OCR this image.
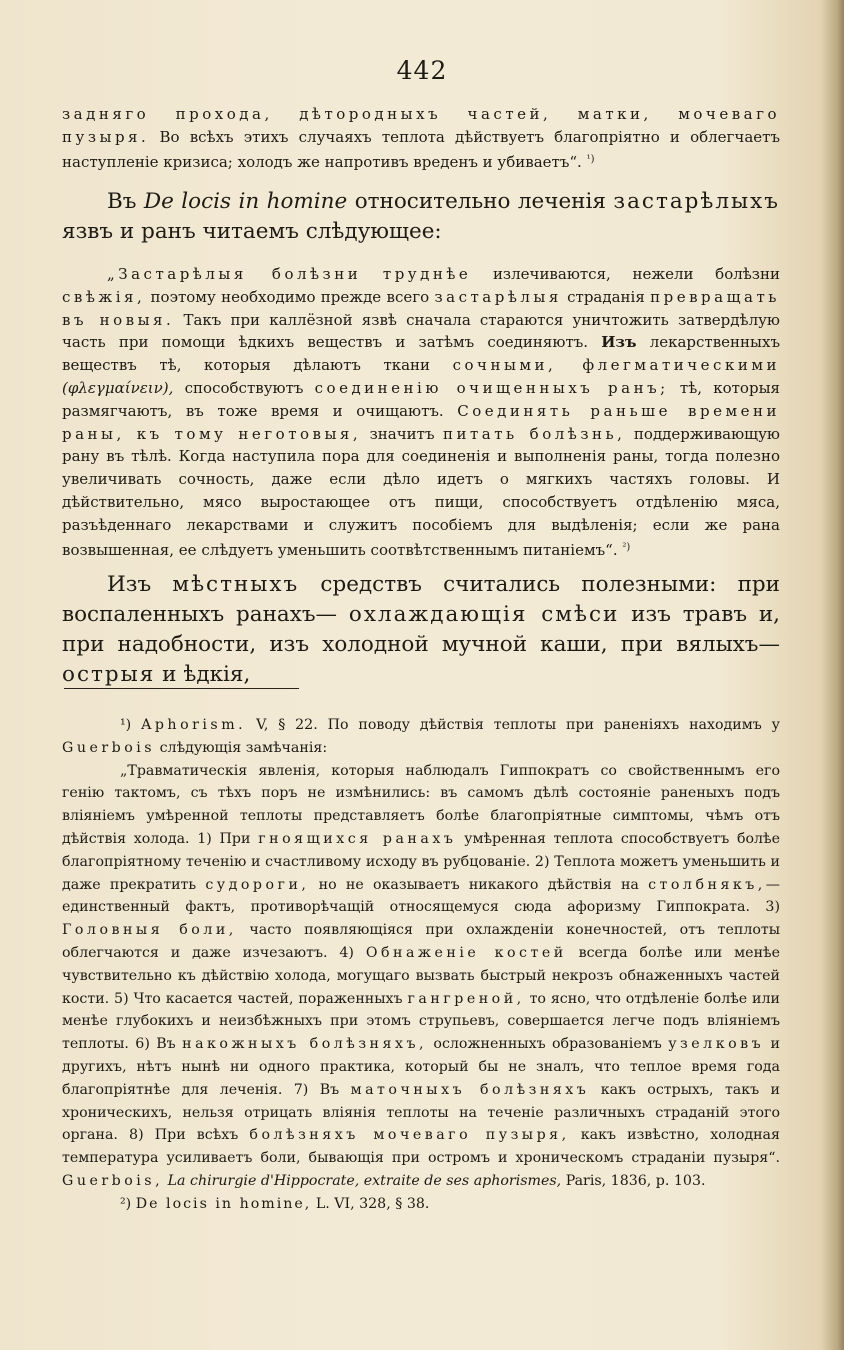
442

задняго прохода, дѣтородныхъ частей, матки, мочеваго пузыря. Во всѣхъ этихъ случаяхъ теплота дѣйствуетъ благопріятно и облегчаетъ наступленіе кризиса; холодъ же напротивъ вреденъ и убиваетъ“. $^{^1)}$

Въ De locis in homine относительно леченія застарѣлыхъ язвъ и ранъ читаемъ слѣдующее:

„Застарѣлыя болѣзни труднѣе излечиваются, нежели болѣзни свѣжія, поэтому необходимо прежде всего застарѣлыя страданія превращать въ новыя. Такъ при каллёзной язвѣ сначала стараются уничтожить затвердѣлую часть при помощи ѣдкихъ веществъ и затѣмъ соединяютъ. Изъ лекарственныхъ веществъ тѣ, которыя дѣлаютъ ткани сочными, флегматическими (φλεγμαίνειν), способствуютъ соединенію очищенныхъ ранъ; тѣ, которыя размягчаютъ, въ тоже время и очищаютъ. Соединять раньше времени раны, къ тому неготовыя, значитъ питать болѣзнь, поддерживающую рану въ тѣлѣ. Когда наступила пора для соединенія и выполненія раны, тогда полезно увеличивать сочность, даже если дѣло идетъ о мягкихъ частяхъ головы. И дѣйствительно, мясо выростающее отъ пищи, способствуетъ отдѣленію мяса, разъѣденнаго лекарствами и служитъ пособіемъ для выдѣленія; если же рана возвышенная, ее слѣдуетъ уменьшить соотвѣтственнымъ питаніемъ“. $^{^2)}$

Изъ мѣстныхъ средствъ считались полезными: при воспаленныхъ ранахъ— охлаждающія смѣси изъ травъ и, при надобности, изъ холодной мучной каши, при вялыхъ—острыя и ѣдкія,

¹) Aphorism. V, § 22. По поводу дѣйствія теплоты при раненіяхъ находимъ у Guerbois слѣдующія замѣчанія:

„Травматическія явленія, которыя наблюдалъ Гиппократъ со свойственнымъ его генію тактомъ, съ тѣхъ поръ не измѣнились: въ самомъ дѣлѣ состояніе раненыхъ подъ вліяніемъ умѣренной теплоты представляетъ болѣе благопріятные симптомы, чѣмъ отъ дѣйствія холода. 1) При гноящихся ранахъ умѣренная теплота способствуетъ болѣе благопріятному теченію и счастливому исходу въ рубцованіе. 2) Теплота можетъ уменьшить и даже прекратить судороги, но не оказываетъ никакого дѣйствія на столбнякъ,—единственный фактъ, противорѣчащій относящемуся сюда афоризму Гиппократа. 3) Головныя боли, часто появляющіяся при охлажденіи конечностей, отъ теплоты облегчаются и даже изчезаютъ. 4) Обнаженіе костей всегда болѣе или менѣе чувствительно къ дѣйствію холода, могущаго вызвать быстрый некрозъ обнаженныхъ частей кости. 5) Что касается частей, пораженныхъ гангреной, то ясно, что отдѣленіе болѣе или менѣе глубокихъ и неизбѣжныхъ при этомъ струпьевъ, совершается легче подъ вліяніемъ теплоты. 6) Въ накожныхъ болѣзняхъ, осложненныхъ образованіемъ узелковъ и другихъ, нѣтъ нынѣ ни одного практика, который бы не зналъ, что теплое время года благопріятнѣе для леченія. 7) Въ маточныхъ болѣзняхъ какъ острыхъ, такъ и хроническихъ, нельзя отрицать вліянія теплоты на теченіе различныхъ страданій этого органа. 8) При всѣхъ болѣзняхъ мочеваго пузыря, какъ извѣстно, холодная температура усиливаетъ боли, бывающія при остромъ и хроническомъ страданіи пузыря“. Guerbois, La chirurgie d'Hippocrate, extraite de ses aphorismes, Paris, 1836, p. 103.

²) De locis in homine, L. VI, 328, § 38.
